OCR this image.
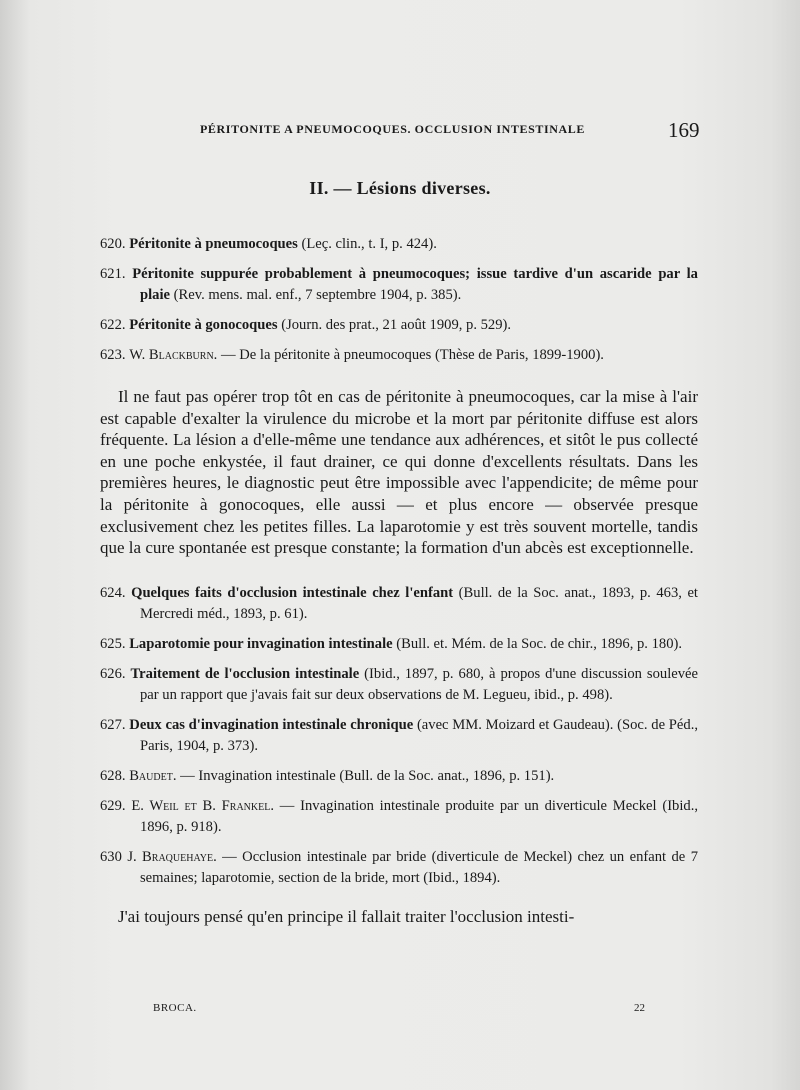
PÉRITONITE A PNEUMOCOQUES. OCCLUSION INTESTINALE	169
II. — Lésions diverses.
620. Péritonite à pneumocoques (Leç. clin., t. I, p. 424).
621. Péritonite suppurée probablement à pneumocoques; issue tardive d'un ascaride par la plaie (Rev. mens. mal. enf., 7 septembre 1904, p. 385).
622. Péritonite à gonocoques (Journ. des prat., 21 août 1909, p. 529).
623. W. Blackburn. — De la péritonite à pneumocoques (Thèse de Paris, 1899-1900).

Il ne faut pas opérer trop tôt en cas de péritonite à pneumocoques, car la mise à l'air est capable d'exalter la virulence du microbe et la mort par péritonite diffuse est alors fréquente. La lésion a d'elle-même une tendance aux adhérences, et sitôt le pus collecté en une poche enkystée, il faut drainer, ce qui donne d'excellents résultats. Dans les premières heures, le diagnostic peut être impossible avec l'appendicite; de même pour la péritonite à gonocoques, elle aussi — et plus encore — observée presque exclusivement chez les petites filles. La laparotomie y est très souvent mortelle, tandis que la cure spontanée est presque constante; la formation d'un abcès est exceptionnelle.

624. Quelques faits d'occlusion intestinale chez l'enfant (Bull. de la Soc. anat., 1893, p. 463, et Mercredi méd., 1893, p. 61).
625. Laparotomie pour invagination intestinale (Bull. et. Mém. de la Soc. de chir., 1896, p. 180).
626. Traitement de l'occlusion intestinale (Ibid., 1897, p. 680, à propos d'une discussion soulevée par un rapport que j'avais fait sur deux observations de M. Legueu, ibid., p. 498).
627. Deux cas d'invagination intestinale chronique (avec MM. Moizard et Gaudeau). (Soc. de Péd., Paris, 1904, p. 373).
628. Baudet. — Invagination intestinale (Bull. de la Soc. anat., 1896, p. 151).
629. E. Weil et B. Frankel. — Invagination intestinale produite par un diverticule Meckel (Ibid., 1896, p. 918).
630 J. Braquehaye. — Occlusion intestinale par bride (diverticule de Meckel) chez un enfant de 7 semaines; laparotomie, section de la bride, mort (Ibid., 1894).

J'ai toujours pensé qu'en principe il fallait traiter l'occlusion intesti-

BROCA.	22
